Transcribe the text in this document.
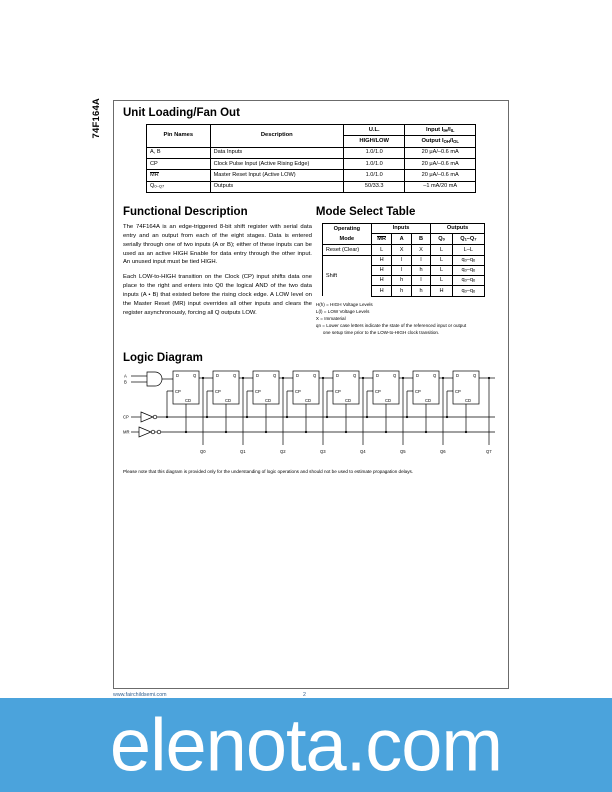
74F164A Unit Loading/Fan Out
Pin Names	Description	U.L.	Input $I_{IH}/I_{IL}$
		HIGH/LOW	Output $I_{OH}/I_{OL}$
A, B	Data Inputs	1.0/1.0	20 μA/–0.6 mA
CP	Clock Pulse Input (Active Rising Edge)	1.0/1.0	20 μA/–0.6 mA
MR	Master Reset Input (Active LOW)	1.0/1.0	20 μA/–0.6 mA
$Q_{0-Q7}$	Outputs	50/33.3	–1 mA/20 mA
Functional Description

The 74F164A is an edge-triggered 8-bit shift register with serial data entry and an output from each of the eight stages. Data is entered serially through one of two inputs (A or B); either of these inputs can be used as an active HIGH Enable for data entry through the other input. An unused input must be tied HIGH.

Each LOW-to-HIGH transition on the Clock (CP) input shifts data one place to the right and enters into Q0 the logical AND of the two data inputs (A • B) that existed before the rising clock edge. A LOW level on the Master Reset (MR) input overrides all other inputs and clears the register asynchronously, forcing all Q outputs LOW.

Mode Select Table
Operating	Inputs			Outputs	
Mode	MR	A	B	$Q_0$	$Q_1-Q_7$
Reset (Clear)	L	X	X	L	L–L
Shift	H	l	l	L	$q_0-q_6$
	H	l	h	L	$q_0-q_6$
	H	h	l	L	$q_0-q_6$
	H	h	h	H	$q_0-q_6$
H(h) = HIGH Voltage Levels
L(l) = LOW Voltage Levels
X = Immaterial
qn = Lower case letters indicate the state of the referenced input or output
one setup time prior to the LOW-to-HIGH clock transition.
Logic Diagram
A
B
CP
MR
D	Q
CP
CD
D	Q
CP
CD
D	Q
CP
CD
D	Q
CP
CD
D	Q
CP
CD
D	Q
CP
CD
D	Q
CP
CD
D	Q
CP
CD
Q0	Q1	Q2	Q3	Q4	Q5	Q6	Q7

Please note that this diagram is provided only for the understanding of logic operations and should not be used to estimate propagation delays.

www.fairchildsemi.com	2
elenota.com
